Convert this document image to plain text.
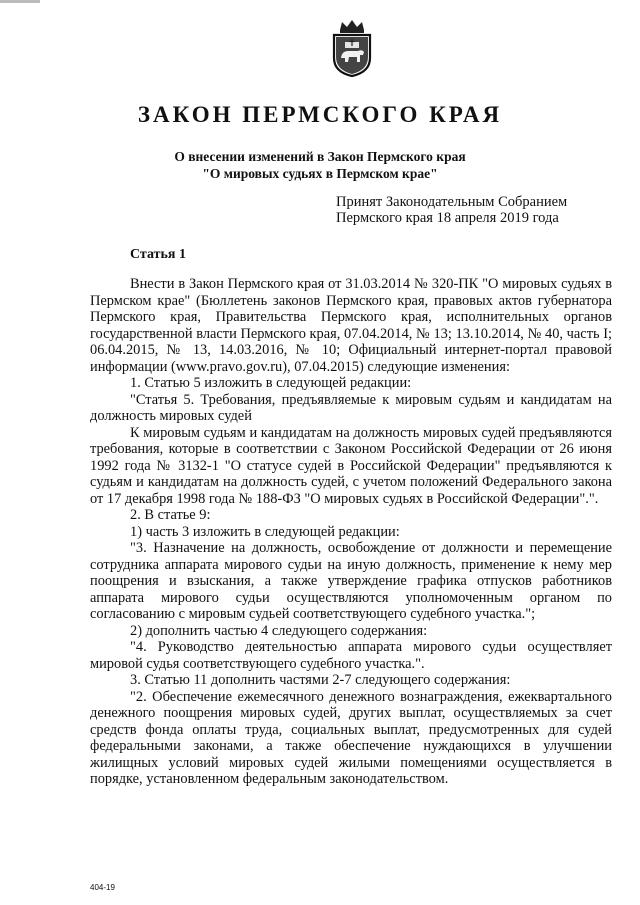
ЗАКОН ПЕРМСКОГО КРАЯ
О внесении изменений в Закон Пермского края
"О мировых судьях в Пермском крае"
Принят Законодательным Собранием
Пермского края 18 апреля 2019 года
Статья 1

Внести в Закон Пермского края от 31.03.2014 № 320-ПК "О мировых судьях в Пермском крае" (Бюллетень законов Пермского края, правовых актов губернатора Пермского края, Правительства Пермского края, исполнительных органов государственной власти Пермского края, 07.04.2014, № 13; 13.10.2014, № 40, часть I; 06.04.2015, № 13, 14.03.2016, № 10; Официальный интернет-портал правовой информации (www.pravo.gov.ru), 07.04.2015) следующие изменения:

1. Статью 5 изложить в следующей редакции:

"Статья 5. Требования, предъявляемые к мировым судьям и кандидатам на должность мировых судей

К мировым судьям и кандидатам на должность мировых судей предъявляются требования, которые в соответствии с Законом Российской Федерации от 26 июня 1992 года № 3132-1 "О статусе судей в Российской Федерации" предъявляются к судьям и кандидатам на должность судей, с учетом положений Федерального закона от 17 декабря 1998 года № 188-ФЗ "О мировых судьях в Российской Федерации".".

2. В статье 9:

1) часть 3 изложить в следующей редакции:

"3. Назначение на должность, освобождение от должности и перемещение сотрудника аппарата мирового судьи на иную должность, применение к нему мер поощрения и взыскания, а также утверждение графика отпусков работников аппарата мирового судьи осуществляются уполномоченным органом по согласованию с мировым судьей соответствующего судебного участка.";

2) дополнить частью 4 следующего содержания:

"4. Руководство деятельностью аппарата мирового судьи осуществляет мировой судья соответствующего судебного участка.".

3. Статью 11 дополнить частями 2-7 следующего содержания:

"2. Обеспечение ежемесячного денежного вознаграждения, ежеквартального денежного поощрения мировых судей, других выплат, осуществляемых за счет средств фонда оплаты труда, социальных выплат, предусмотренных для судей федеральными законами, а также обеспечение нуждающихся в улучшении жилищных условий мировых судей жилыми помещениями осуществляется в порядке, установленном федеральным законодательством.

404-19
